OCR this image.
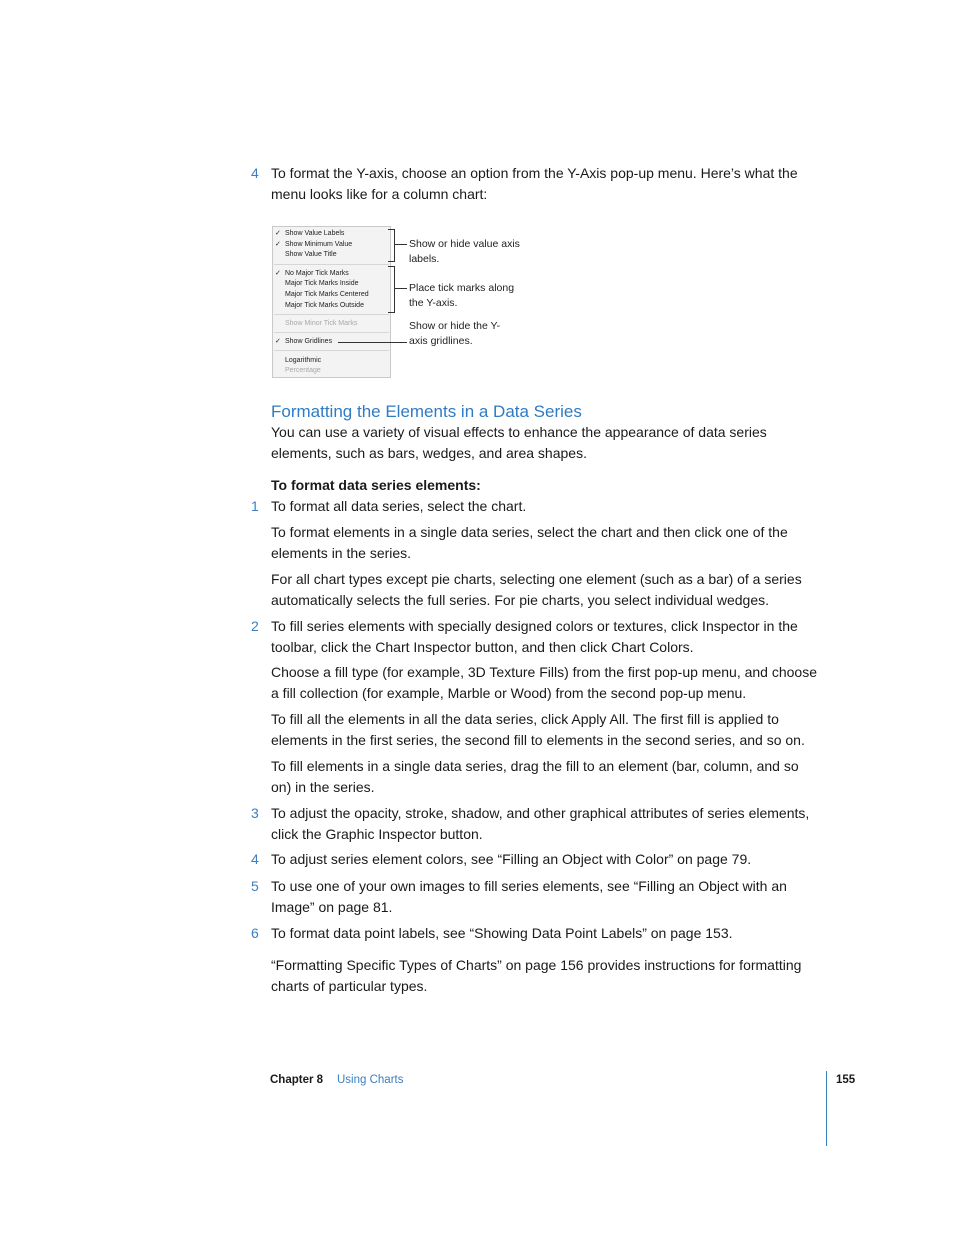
4 To format the Y-axis, choose an option from the Y-Axis pop-up menu. Here’s what the menu looks like for a column chart:
✓ Show Value Labels
✓ Show Minimum Value
Show Value Title
✓ No Major Tick Marks
Major Tick Marks Inside
Major Tick Marks Centered
Major Tick Marks Outside
Show Minor Tick Marks
✓ Show Gridlines
Logarithmic
Percentage
Show or hide value axis labels.
Place tick marks along the Y-axis.
Show or hide the Y-axis gridlines.
Formatting the Elements in a Data Series
You can use a variety of visual effects to enhance the appearance of data series elements, such as bars, wedges, and area shapes.
To format data series elements:
1 To format all data series, select the chart.
To format elements in a single data series, select the chart and then click one of the elements in the series.
For all chart types except pie charts, selecting one element (such as a bar) of a series automatically selects the full series. For pie charts, you select individual wedges.
2 To fill series elements with specially designed colors or textures, click Inspector in the toolbar, click the Chart Inspector button, and then click Chart Colors.
Choose a fill type (for example, 3D Texture Fills) from the first pop-up menu, and choose a fill collection (for example, Marble or Wood) from the second pop-up menu.
To fill all the elements in all the data series, click Apply All. The first fill is applied to elements in the first series, the second fill to elements in the second series, and so on.
To fill elements in a single data series, drag the fill to an element (bar, column, and so on) in the series.
3 To adjust the opacity, stroke, shadow, and other graphical attributes of series elements, click the Graphic Inspector button.
4 To adjust series element colors, see “Filling an Object with Color” on page 79.
5 To use one of your own images to fill series elements, see “Filling an Object with an Image” on page 81.
6 To format data point labels, see “Showing Data Point Labels” on page 153.
“Formatting Specific Types of Charts” on page 156 provides instructions for formatting charts of particular types.
Chapter 8 Using Charts	155
